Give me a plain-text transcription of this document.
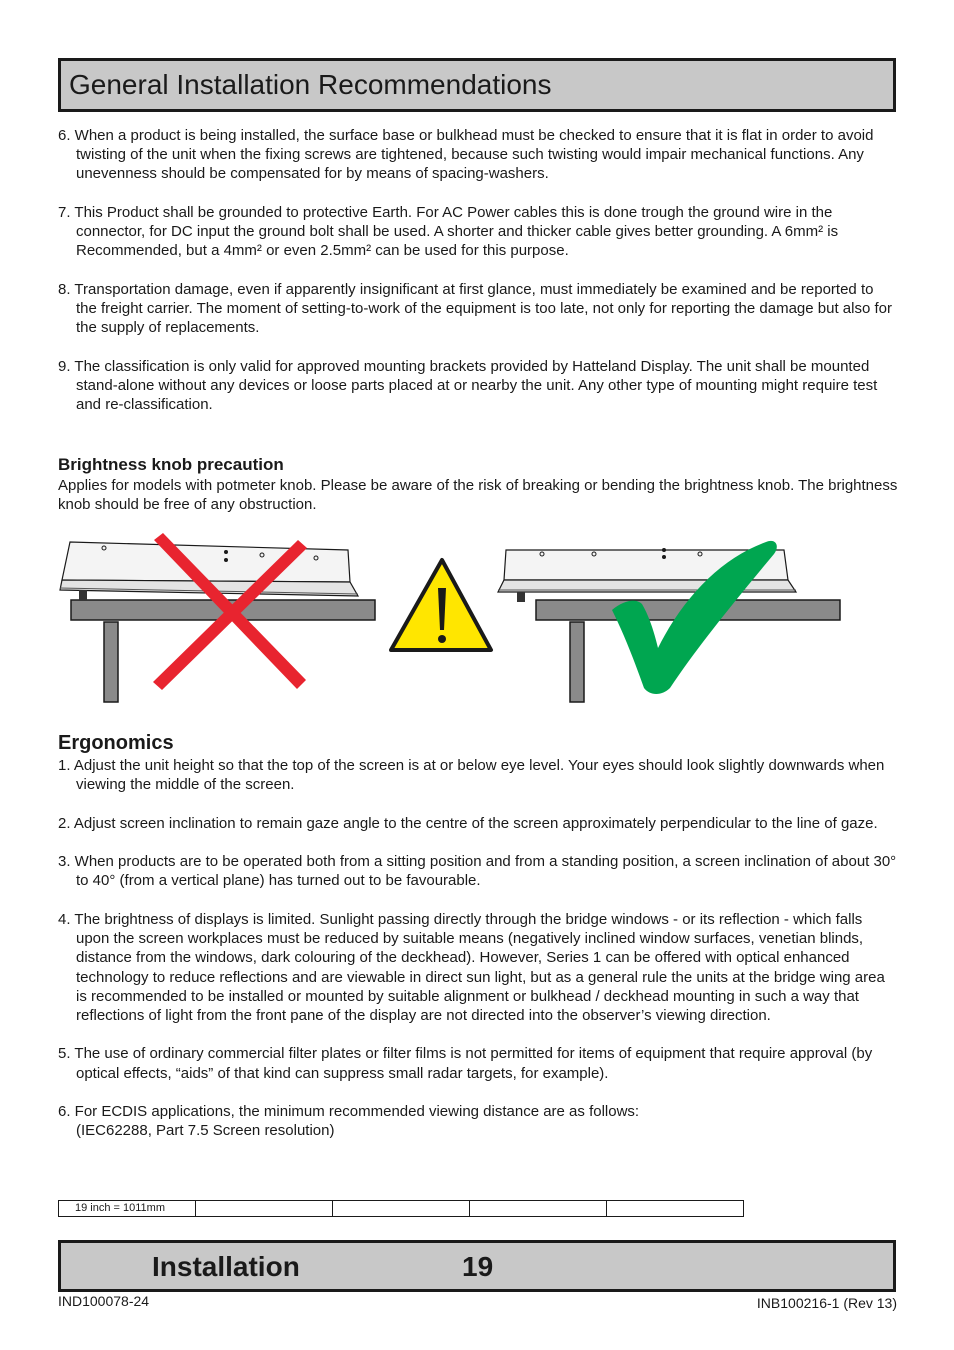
General Installation Recommendations

6. When a product is being installed, the surface base or bulkhead must be checked to ensure that it is flat in order to avoid twisting of the unit when the fixing screws are tightened, because such twisting would impair mechanical functions. Any unevenness should be compensated for by means of spacing-washers.

7. This Product shall be grounded to protective Earth. For AC Power cables this is done trough the ground wire in the connector, for DC input the ground bolt shall be used. A shorter and thicker cable gives better grounding. A 6mm² is Recommended, but a 4mm² or even 2.5mm² can be used for this purpose.

8. Transportation damage, even if apparently insignificant at first glance, must immediately be examined and be reported to the freight carrier. The moment of setting-to-work of the equipment is too late, not only for reporting the damage but also for the supply of replacements.

9. The classification is only valid for approved mounting brackets provided by Hatteland Display. The unit shall be mounted stand-alone without any devices or loose parts placed at or nearby the unit. Any other type of mounting might require test and re-classification.

Brightness knob precaution
Applies for models with potmeter knob. Please be aware of the risk of breaking or bending the brightness knob. The brightness knob should be free of any obstruction.
Ergonomics

1. Adjust the unit height so that the top of the screen is at or below eye level. Your eyes should look slightly downwards when viewing the middle of the screen.

2. Adjust screen inclination to remain gaze angle to the centre of the screen approximately perpendicular to the line of gaze.

3. When products are to be operated both from a sitting position and from a standing position, a screen inclination of about 30° to 40° (from a vertical plane) has turned out to be favourable.

4. The brightness of displays is limited. Sunlight passing directly through the bridge windows - or its reflection - which falls upon the screen workplaces must be reduced by suitable means (negatively inclined window surfaces, venetian blinds, distance from the windows, dark colouring of the deckhead). However, Series 1 can be offered with optical enhanced technology to reduce reflections and are viewable in direct sun light, but as a general rule the units at the bridge wing area is recommended to be installed or mounted by suitable alignment or bulkhead / deckhead mounting in such a way that reflections of light from the front pane of the display are not directed into the observer’s viewing direction.

5. The use of ordinary commercial filter plates or filter films is not permitted for items of equipment that require approval (by optical effects, “aids” of that kind can suppress small radar targets, for example).

6. For ECDIS applications, the minimum recommended viewing distance are as follows:
(IEC62288, Part 7.5 Screen resolution)

19 inch = 1011mm				
Installation	19
IND100078-24	INB100216-1 (Rev 13)
